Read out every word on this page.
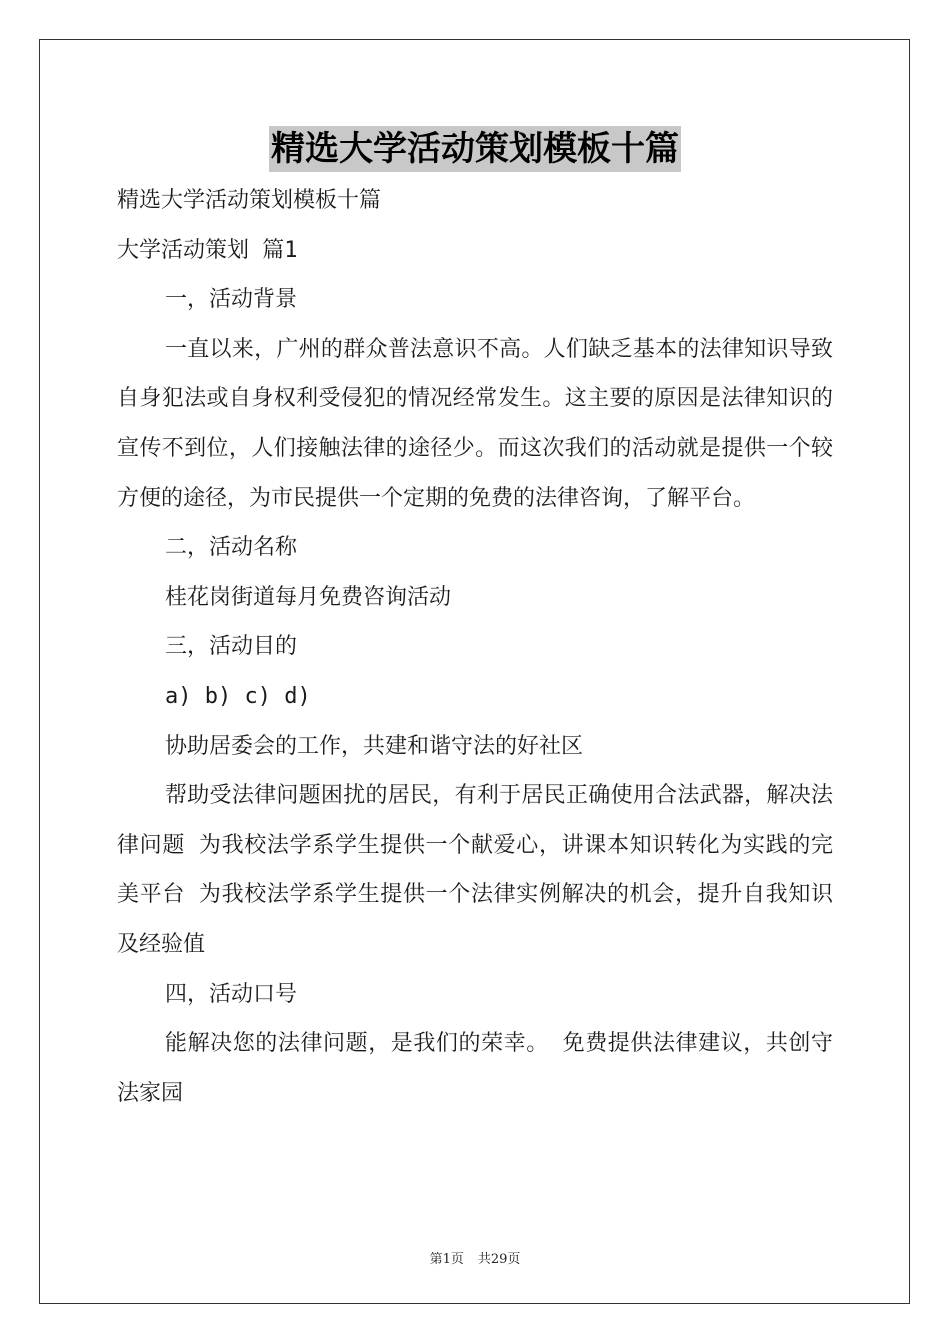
精选大学活动策划模板十篇

精选大学活动策划模板十篇

大学活动策划 篇1

一，活动背景

一直以来，广州的群众普法意识不高。人们缺乏基本的法律知识导致自身犯法或自身权利受侵犯的情况经常发生。这主要的原因是法律知识的宣传不到位，人们接触法律的途径少。而这次我们的活动就是提供一个较方便的途径，为市民提供一个定期的免费的法律咨询，了解平台。

二，活动名称

桂花岗街道每月免费咨询活动

三，活动目的

a) b) c) d)

协助居委会的工作，共建和谐守法的好社区

帮助受法律问题困扰的居民，有利于居民正确使用合法武器，解决法律问题 为我校法学系学生提供一个献爱心，讲课本知识转化为实践的完美平台 为我校法学系学生提供一个法律实例解决的机会，提升自我知识及经验值

四，活动口号

能解决您的法律问题，是我们的荣幸。 免费提供法律建议，共创守法家园

第1页 共29页
